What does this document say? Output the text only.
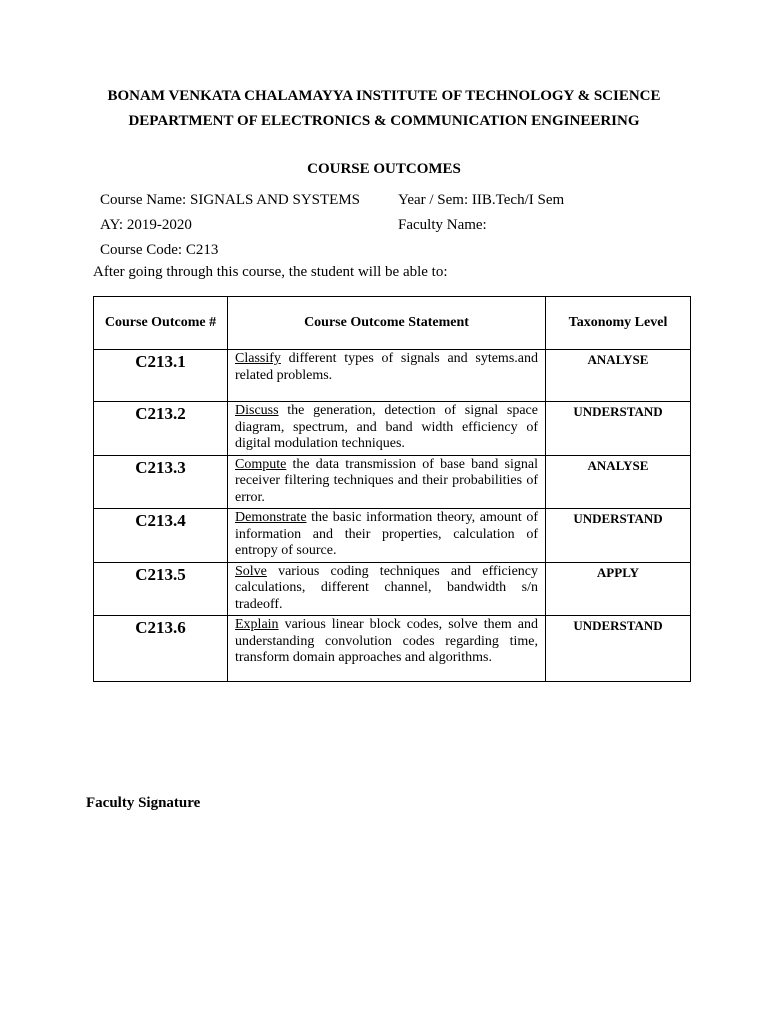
BONAM VENKATA CHALAMAYYA INSTITUTE OF TECHNOLOGY & SCIENCE
DEPARTMENT OF ELECTRONICS & COMMUNICATION ENGINEERING
COURSE OUTCOMES
Course Name: SIGNALS AND SYSTEMS	Year / Sem: IIB.Tech/I Sem
AY: 2019-2020	Faculty Name:
Course Code: C213
After going through this course, the student will be able to:
Course Outcome #	Course Outcome Statement	Taxonomy Level
C213.1	Classify different types of signals and sytems.and related problems.	ANALYSE
C213.2	Discuss the generation, detection of signal space diagram, spectrum, and band width efficiency of digital modulation techniques.	UNDERSTAND
C213.3	Compute the data transmission of base band signal receiver filtering techniques and their probabilities of error.	ANALYSE
C213.4	Demonstrate the basic information theory, amount of information and their properties, calculation of entropy of source.	UNDERSTAND
C213.5	Solve various coding techniques and efficiency calculations, different channel, bandwidth s/n tradeoff.	APPLY
C213.6	Explain various linear block codes, solve them and understanding convolution codes regarding time, transform domain approaches and algorithms.	UNDERSTAND
Faculty Signature
